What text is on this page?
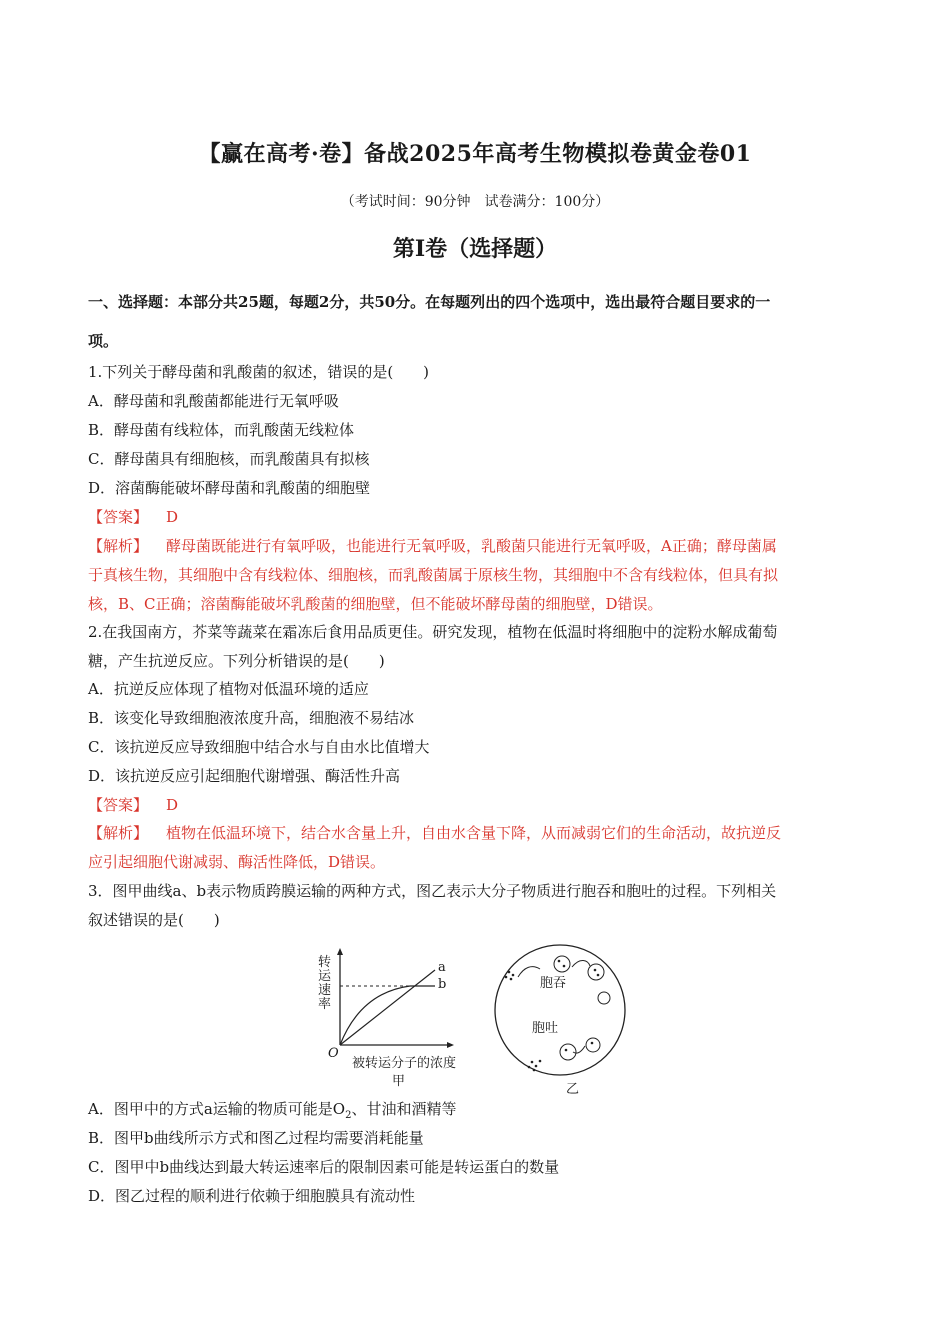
【赢在高考·卷】备战2025年高考生物模拟卷黄金卷01
（考试时间：90分钟　试卷满分：100分）
第I卷（选择题）
一、选择题：本部分共25题，每题2分，共50分。在每题列出的四个选项中，选出最符合题目要求的一
项。
1.下列关于酵母菌和乳酸菌的叙述，错误的是(　　)
A．酵母菌和乳酸菌都能进行无氧呼吸
B．酵母菌有线粒体，而乳酸菌无线粒体
C．酵母菌具有细胞核，而乳酸菌具有拟核
D．溶菌酶能破坏酵母菌和乳酸菌的细胞壁
【答案】 D
【解析】 酵母菌既能进行有氧呼吸，也能进行无氧呼吸，乳酸菌只能进行无氧呼吸，A正确；酵母菌属
于真核生物，其细胞中含有线粒体、细胞核，而乳酸菌属于原核生物，其细胞中不含有线粒体，但具有拟
核，B、C正确；溶菌酶能破坏乳酸菌的细胞壁，但不能破坏酵母菌的细胞壁，D错误。
2.在我国南方，芥菜等蔬菜在霜冻后食用品质更佳。研究发现，植物在低温时将细胞中的淀粉水解成葡萄
糖，产生抗逆反应。下列分析错误的是(　　)
A．抗逆反应体现了植物对低温环境的适应
B．该变化导致细胞液浓度升高，细胞液不易结冰
C．该抗逆反应导致细胞中结合水与自由水比值增大
D．该抗逆反应引起细胞代谢增强、酶活性升高
【答案】 D
【解析】 植物在低温环境下，结合水含量上升，自由水含量下降，从而减弱它们的生命活动，故抗逆反
应引起细胞代谢减弱、酶活性降低，D错误。
3．图甲曲线a、b表示物质跨膜运输的两种方式，图乙表示大分子物质进行胞吞和胞吐的过程。下列相关
叙述错误的是(　　)
转运速率
a
b
O
被转运分子的浓度
甲
乙
胞吞
胞吐
A．图甲中的方式a运输的物质可能是$O_2$、甘油和酒精等
B．图甲b曲线所示方式和图乙过程均需要消耗能量
C．图甲中b曲线达到最大转运速率后的限制因素可能是转运蛋白的数量
D．图乙过程的顺利进行依赖于细胞膜具有流动性
